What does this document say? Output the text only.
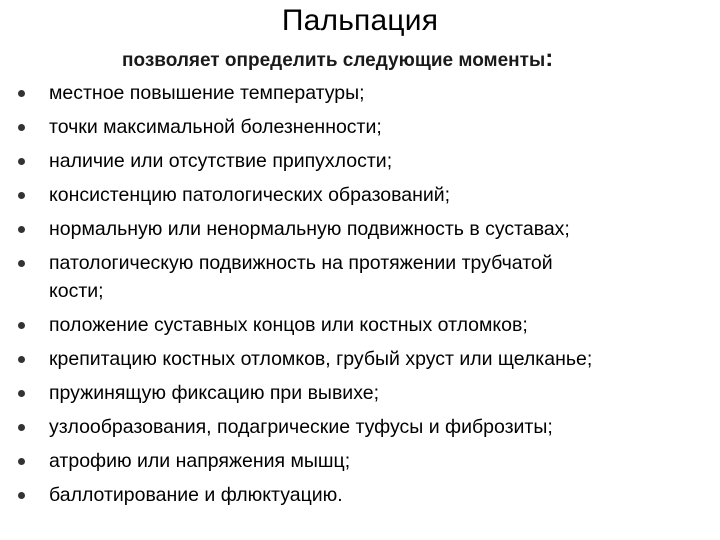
Пальпация
позволяет определить следующие моменты:
местное повышение температуры;
точки максимальной болезненности;
наличие или отсутствие припухлости;
консистенцию патологических образований;
нормальную или ненормальную подвижность в суставах;
патологическую подвижность на протяжении трубчатой
кости;
положение суставных концов или костных отломков;
крепитацию костных отломков, грубый хруст или щелканье;
пружинящую фиксацию при вывихе;
узлообразования, подагрические туфусы и фиброзиты;
атрофию или напряжения мышц;
баллотирование и флюктуацию.
